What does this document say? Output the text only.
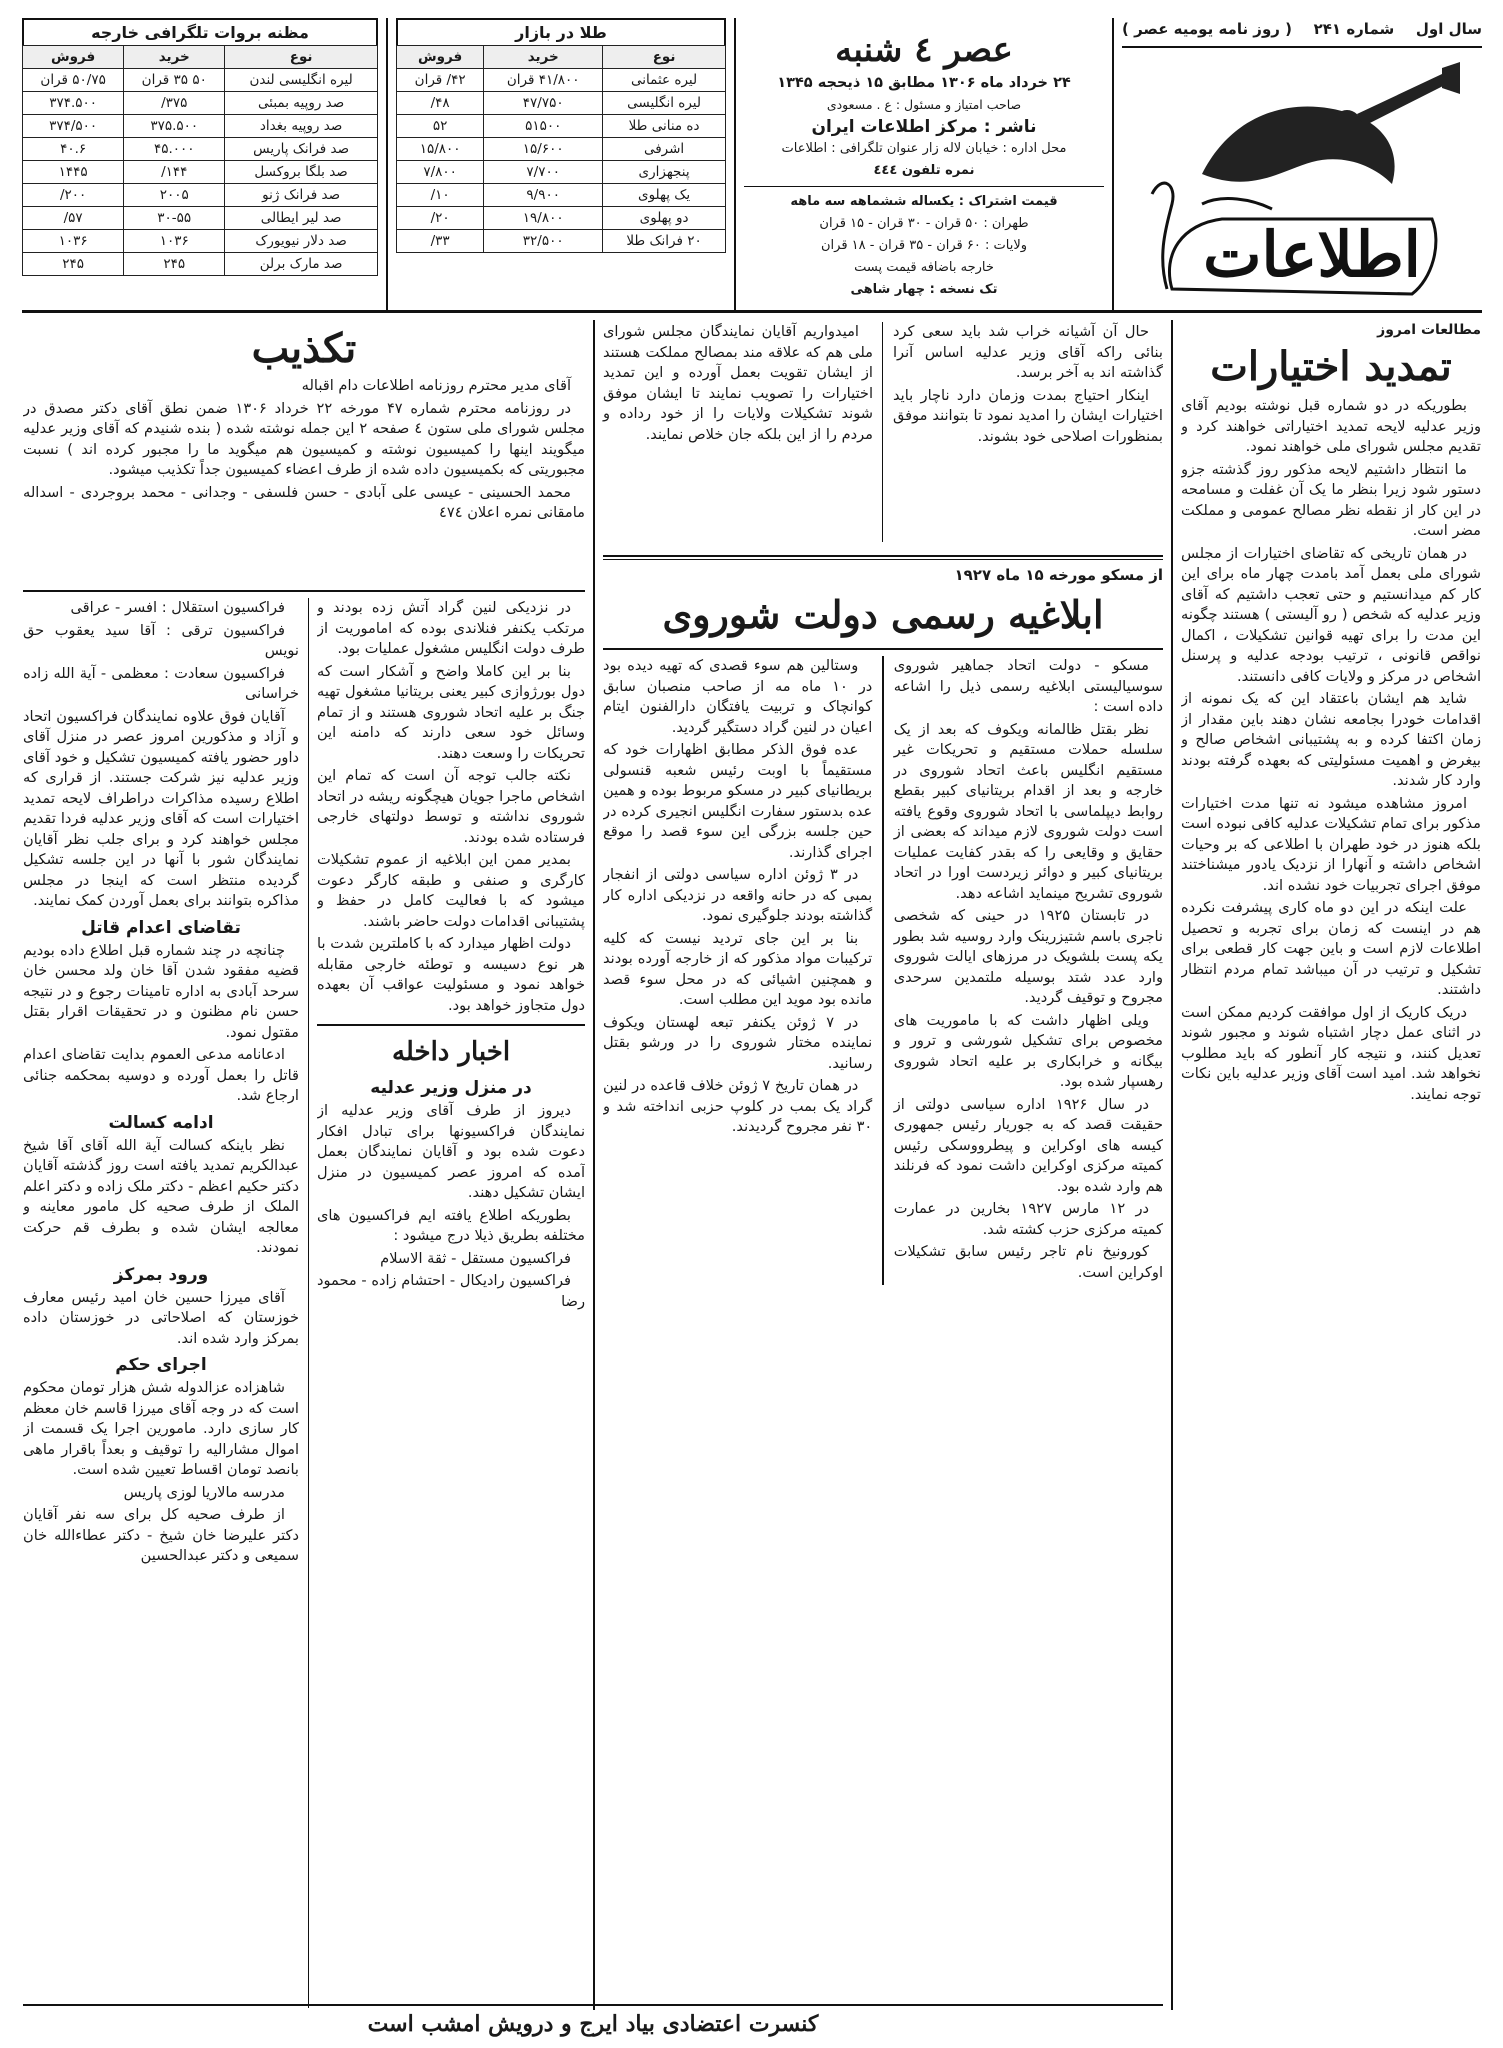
سال اول
شماره ۲۴۱
( روز نامه یومیه عصر )
اطلاعات
عصر ٤ شنبه
۲۴ خرداد ماه ۱۳۰۶ مطابق ۱۵ ذیحجه ۱۳۴۵
صاحب امتیاز و مسئول : ع . مسعودی
ناشر : مرکز اطلاعات ایران
محل اداره : خیابان لاله زار عنوان تلگرافی : اطلاعات
نمره تلفون ٤٤٤
قیمت اشتراک : یکساله ششماهه سه ماهه
طهران : ۵۰ قران - ۳۰ قران - ۱۵ قران
ولایات : ۶۰ قران - ۳۵ قران - ۱۸ قران
خارجه باضافه قیمت پست
تک نسخه : چهار شاهی
طلا در بازار
نوع	خرید	فروش
لیره عثمانی	۴۱/۸۰۰ قران	۴۲/ قران
لیره انگلیسی	۴۷/۷۵۰	۴۸/
ده منانی طلا	۵۱۵۰۰	۵۲
اشرفی	۱۵/۶۰۰	۱۵/۸۰۰
پنجهزاری	۷/۷۰۰	۷/۸۰۰
یک پهلوی	۹/۹۰۰	۱۰/
دو پهلوی	۱۹/۸۰۰	۲۰/
۲۰ فرانک طلا	۳۲/۵۰۰	۳۳/
مظنه بروات تلگرافی خارجه
نوع	خرید	فروش
لیره انگلیسی لندن	۵۰ ۳۵ قران	۵۰/۷۵ قران
صد روپیه بمبئی	۳۷۵/	۳۷۴.۵۰۰
صد روپیه بغداد	۳۷۵.۵۰۰	۳۷۴/۵۰۰
صد فرانک پاریس	۴۵.۰۰۰	۴۰.۶
صد بلگا بروکسل	۱۴۴/	۱۴۴۵
صد فرانک ژنو	۲۰۰۵	۲۰۰/
صد لیر ایطالی	۳۰-۵۵	۵۷/
صد دلار نیویورک	۱۰۳۶	۱۰۳۶
صد مارک برلن	۲۴۵	۲۴۵
مطالعات امروز
تمدید اختیارات

بطوریکه در دو شماره قبل نوشته بودیم آقای وزیر عدلیه لایحه تمدید اختیاراتی خواهند کرد و تقدیم مجلس شورای ملی خواهند نمود.

ما انتظار داشتیم لایحه مذکور روز گذشته جزو دستور شود زیرا بنظر ما یک آن غفلت و مسامحه در این کار از نقطه نظر مصالح عمومی و مملکت مضر است.

در همان تاریخی که تقاضای اختیارات از مجلس شورای ملی بعمل آمد بامدت چهار ماه برای این کار کم میدانستیم و حتی تعجب داشتیم که آقای وزیر عدلیه که شخص ( رو آلیستی ) هستند چگونه این مدت را برای تهیه قوانین تشکیلات ، اکمال نواقص قانونی ، ترتیب بودجه عدلیه و پرسنل اشخاص در مرکز و ولایات کافی دانستند.

شاید هم ایشان باعتقاد این که یک نمونه از اقدامات خودرا بجامعه نشان دهند باین مقدار از زمان اکتفا کرده و به پشتیبانی اشخاص صالح و بیغرض و اهمیت مسئولیتی که بعهده گرفته بودند وارد کار شدند.

امروز مشاهده میشود نه تنها مدت اختیارات مذکور برای تمام تشکیلات عدلیه کافی نبوده است بلکه هنوز در خود طهران با اطلاعی که بر وحیات اشخاص داشته و آنهارا از نزدیک یادور میشناختند موفق اجرای تجربیات خود نشده اند.

علت اینکه در این دو ماه کاری پیشرفت نکرده هم در اینست که زمان برای تجربه و تحصیل اطلاعات لازم است و باین جهت کار قطعی برای تشکیل و ترتیب در آن میباشد تمام مردم انتظار داشتند.

دریک کاریک از اول موافقت کردیم ممکن است در اثنای عمل دچار اشتباه شوند و مجبور شوند تعدیل کنند، و نتیجه کار آنطور که باید مطلوب نخواهد شد. امید است آقای وزیر عدلیه باین نکات توجه نمایند.

حال آن آشیانه خراب شد باید سعی کرد بنائی راکه آقای وزیر عدلیه اساس آنرا گذاشته اند به آخر برسد.

اینکار احتیاج بمدت وزمان دارد ناچار باید اختیارات ایشان را امدید نمود تا بتوانند موفق بمنظورات اصلاحی خود بشوند.

امیدواریم آقایان نمایندگان مجلس شورای ملی هم که علاقه مند بمصالح مملکت هستند از ایشان تقویت بعمل آورده و این تمدید اختیارات را تصویب نمایند تا ایشان موفق شوند تشکیلات ولایات را از خود رداده و مردم را از این بلکه جان خلاص نمایند.

از مسکو مورخه ۱۵ ماه ۱۹۲۷
ابلاغیه رسمی دولت شوروی

مسکو - دولت اتحاد جماهیر شوروی سوسیالیستی ابلاغیه رسمی ذیل را اشاعه داده است :

نظر بقتل ظالمانه ویکوف که بعد از یک سلسله حملات مستقیم و تحریکات غیر مستقیم انگلیس باعث اتحاد شوروی در خارجه و بعد از اقدام بریتانیای کبیر بقطع روابط دیپلماسی با اتحاد شوروی وقوع یافته است دولت شوروی لازم میداند که بعضی از حقایق و وقایعی را که بقدر کفایت عملیات بریتانیای کبیر و دوائر زیردست اورا در اتحاد شوروی تشریح مینماید اشاعه دهد.

در تابستان ۱۹۲۵ در حینی که شخصی ناجری باسم شتیزرینک وارد روسیه شد بطور یکه پست بلشویک در مرزهای ایالت شوروی وارد عدد شتد بوسیله ملتمدین سرحدی مجروح و توقیف گردید.

ویلی اظهار داشت که با ماموریت های مخصوص برای تشکیل شورشی و ترور و بیگانه و خرابکاری بر علیه اتحاد شوروی رهسپار شده بود.

در سال ۱۹۲۶ اداره سیاسی دولتی از حقیقت قصد که به جوریار رئیس جمهوری کیسه های اوکراین و پیطرووسکی رئیس کمیته مرکزی اوکراین داشت نمود که فرنلند هم وارد شده بود.

در ۱۲ مارس ۱۹۲۷ بخارین در عمارت کمیته مرکزی حزب کشته شد.

کورونیخ نام تاجر رئیس سابق تشکیلات اوکراین است.

وستالین هم سوء قصدی که تهیه دیده بود در ۱۰ ماه مه از صاحب منصبان سابق کوانچاک و تربیت یافتگان دارالفنون ایتام اعیان در لنین گراد دستگیر گردید.

عده فوق الذکر مطابق اظهارات خود که مستقیماً با اوبت رئیس شعبه قنسولی بریطانیای کبیر در مسکو مربوط بوده و همین عده بدستور سفارت انگلیس انجیری کرده در حین جلسه بزرگی این سوء قصد را موقع اجرای گذارند.

در ۳ ژوئن اداره سیاسی دولتی از انفجار بمبی که در حانه واقعه در نزدیکی اداره کار گذاشته بودند جلوگیری نمود.

بنا بر این جای تردید نیست که کلیه ترکیبات مواد مذکور که از خارجه آورده بودند و همچنین اشیائی که در محل سوء قصد مانده بود موید این مطلب است.

در ۷ ژوئن یکنفر تبعه لهستان ویکوف نماینده مختار شوروی را در ورشو بقتل رسانید.

در همان تاریخ ۷ ژوئن خلاف قاعده در لنین گراد یک بمب در کلوپ حزبی انداخته شد و ۳۰ نفر مجروح گردیدند.

تکذیب

آقای مدیر محترم روزنامه اطلاعات دام اقباله

در روزنامه محترم شماره ۴۷ مورخه ۲۲ خرداد ۱۳۰۶ ضمن نطق آقای دکتر مصدق در مجلس شورای ملی ستون ٤ صفحه ۲ این جمله نوشته شده ( بنده شنیدم که آقای وزیر عدلیه میگویند اینها را کمیسیون نوشته و کمیسیون هم میگوید ما را مجبور کرده اند ) نسبت مجبوریتی که بکمیسیون داده شده از طرف اعضاء کمیسیون جداً تکذیب میشود.

محمد الحسینی - عیسی علی آبادی - حسن فلسفی - وجدانی - محمد بروجردی - اسداله مامقانی نمره اعلان ٤٧٤

در نزدیکی لنین گراد آتش زده بودند و مرتکب یکنفر فنلاندی بوده که اماموریت از طرف دولت انگلیس مشغول عملیات بود.

بنا بر این کاملا واضح و آشکار است که دول بورژوازی کبیر یعنی بریتانیا مشغول تهیه جنگ بر علیه اتحاد شوروی هستند و از تمام وسائل خود سعی دارند که دامنه این تحریکات را وسعت دهند.

نکته جالب توجه آن است که تمام این اشخاص ماجرا جویان هیچگونه ریشه در اتحاد شوروی نداشته و توسط دولتهای خارجی فرستاده شده بودند.

بمدیر ممن این ابلاغیه از عموم تشکیلات کارگری و صنفی و طبقه کارگر دعوت میشود که با فعالیت کامل در حفظ و پشتیبانی اقدامات دولت حاضر باشند.

دولت اظهار میدارد که با کاملترین شدت با هر نوع دسیسه و توطئه خارجی مقابله خواهد نمود و مسئولیت عواقب آن بعهده دول متجاوز خواهد بود.

اخبار داخله
در منزل وزیر عدلیه

دیروز از طرف آقای وزیر عدلیه از نمایندگان فراکسیونها برای تبادل افکار دعوت شده بود و آقایان نمایندگان بعمل آمده که امروز عصر کمیسیون در منزل ایشان تشکیل دهند.

بطوریکه اطلاع یافته ایم فراکسیون های مختلفه بطریق ذیلا درج میشود :

فراکسیون مستقل - ثقة الاسلام

فراکسیون رادیکال - احتشام زاده - محمود رضا

فراکسیون استقلال : افسر - عراقی

فراکسیون ترقی : آقا سید یعقوب حق نویس

فراکسیون سعادت : معظمی - آیة الله زاده خراسانی

آقایان فوق علاوه نمایندگان فراکسیون اتحاد و آزاد و مذکورین امروز عصر در منزل آقای داور حضور یافته کمیسیون تشکیل و خود آقای وزیر عدلیه نیز شرکت جستند. از قراری که اطلاع رسیده مذاکرات دراطراف لایحه تمدید اختیارات است که آقای وزیر عدلیه فردا تقدیم مجلس خواهند کرد و برای جلب نظر آقایان نمایندگان شور با آنها در این جلسه تشکیل گردیده منتظر است که اینجا در مجلس مذاکره بتوانند برای بعمل آوردن کمک نمایند.

تقاضای اعدام قاتل

چنانچه در چند شماره قبل اطلاع داده بودیم قضیه مفقود شدن آقا خان ولد محسن خان سرحد آبادی به اداره تامینات رجوع و در نتیجه حسن نام مظنون و در تحقیقات اقرار بقتل مقتول نمود.

ادعانامه مدعی العموم بدایت تقاضای اعدام قاتل را بعمل آورده و دوسیه بمحکمه جنائی ارجاع شد.

ادامه کسالت

نظر باینکه کسالت آیة الله آقای آقا شیخ عبدالکریم تمدید یافته است روز گذشته آقایان دکتر حکیم اعظم - دکتر ملک زاده و دکتر اعلم الملک از طرف صحیه کل مامور معاینه و معالجه ایشان شده و بطرف قم حرکت نمودند.

ورود بمرکز

آقای میرزا حسین خان امید رئیس معارف خوزستان که اصلاحاتی در خوزستان داده بمرکز وارد شده اند.

اجرای حکم

شاهزاده عزالدوله شش هزار تومان محکوم است که در وجه آقای میرزا قاسم خان معظم کار سازی دارد. مامورین اجرا یک قسمت از اموال مشارالیه را توقیف و بعداً باقرار ماهی بانصد تومان اقساط تعیین شده است.

مدرسه مالاریا لوزی پاریس

از طرف صحیه کل برای سه نفر آقایان دکتر علیرضا خان شیخ - دکتر عطاءالله خان سمیعی و دکتر عبدالحسین

کنسرت اعتضادی بیاد ایرج و درویش امشب است
